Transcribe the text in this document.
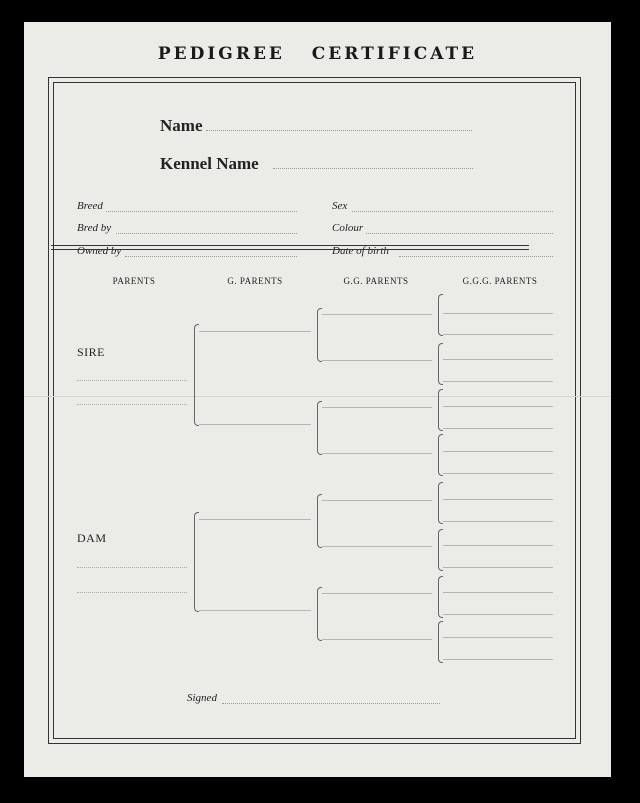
PEDIGREE CERTIFICATE
Name
Kennel Name
Breed
Bred by
Owned by
Sex
Colour
Date of birth
PARENTS	G. PARENTS	G.G. PARENTS	G.G.G. PARENTS
SIRE
DAM
Signed
